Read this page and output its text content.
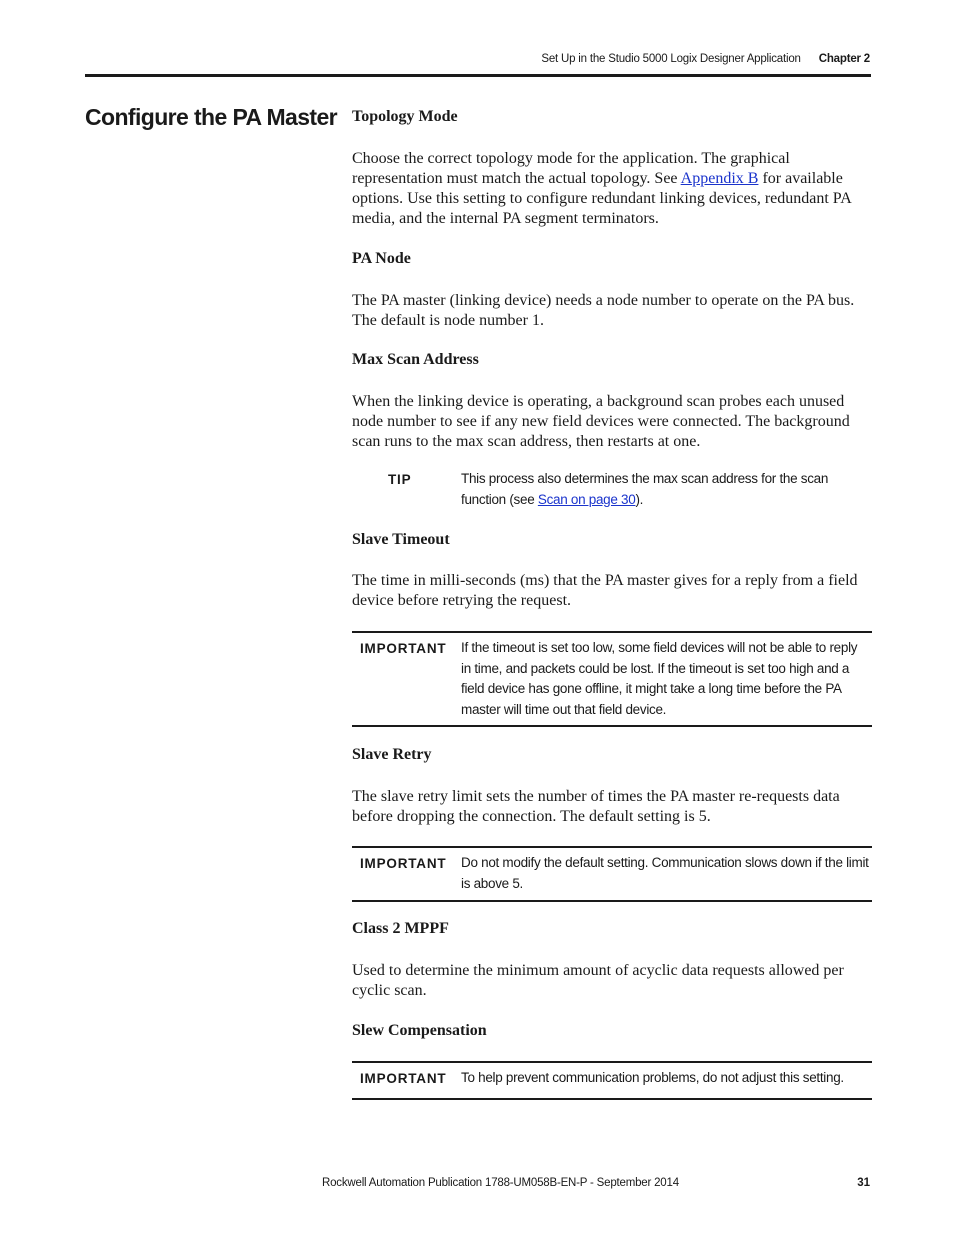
Set Up in the Studio 5000 Logix Designer Application Chapter 2
Configure the PA Master Topology Mode
Choose the correct topology mode for the application. The graphical representation must match the actual topology. See Appendix B for available options. Use this setting to configure redundant linking devices, redundant PA media, and the internal PA segment terminators.
PA Node
The PA master (linking device) needs a node number to operate on the PA bus. The default is node number 1.
Max Scan Address
When the linking device is operating, a background scan probes each unused node number to see if any new field devices were connected. The background scan runs to the max scan address, then restarts at one.
TIP	This process also determines the max scan address for the scan function (see Scan on page 30).
Slave Timeout
The time in milli-seconds (ms) that the PA master gives for a reply from a field device before retrying the request.
IMPORTANT If the timeout is set too low, some field devices will not be able to reply in time, and packets could be lost. If the timeout is set too high and a field device has gone offline, it might take a long time before the PA master will time out that field device.
Slave Retry
The slave retry limit sets the number of times the PA master re-requests data before dropping the connection. The default setting is 5.
IMPORTANT Do not modify the default setting. Communication slows down if the limit is above 5.
Class 2 MPPF
Used to determine the minimum amount of acyclic data requests allowed per cyclic scan.
Slew Compensation
IMPORTANT To help prevent communication problems, do not adjust this setting.
Rockwell Automation Publication 1788-UM058B-EN-P - September 2014	31
